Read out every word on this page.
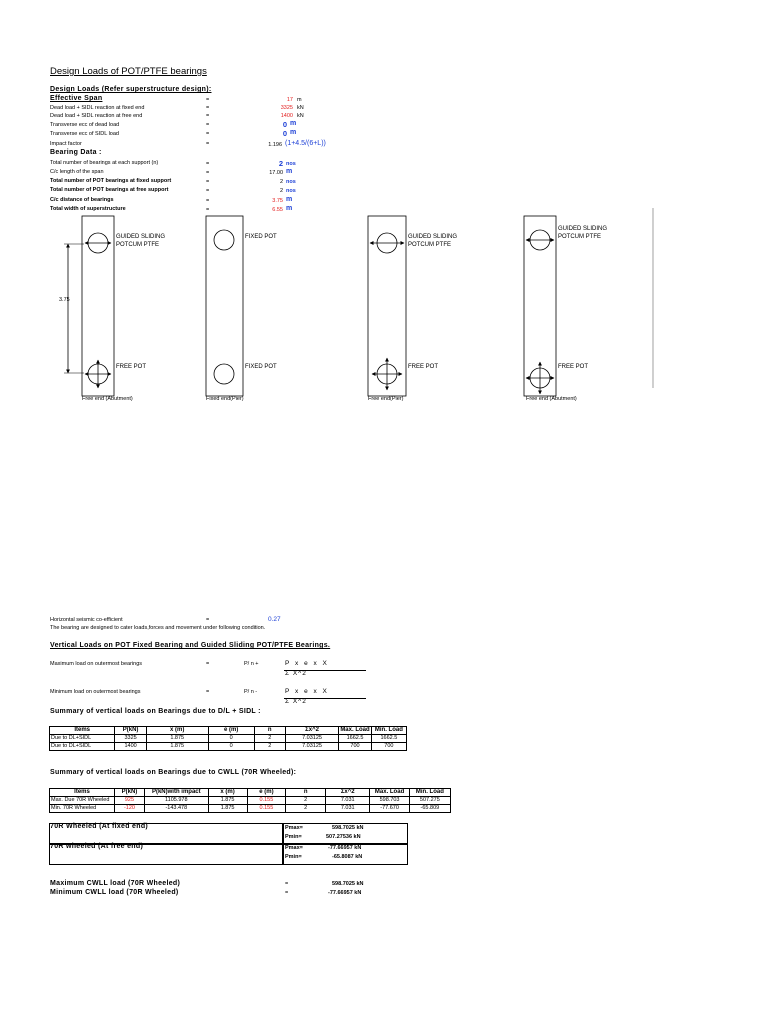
Design Loads of POT/PTFE bearings
Design Loads (Refer superstructure design):
Effective Span	=	17 m
Dead load + SIDL reaction at fixed end	=	3325 kN
Dead load + SIDL reaction at free end	=	1400 kN
Transverse ecc of dead load	=	0 m
Transverse ecc of SIDL load	=	0 m
Impact factor	=	1.196 (1+4.5/(6+L))
Bearing Data :
Total number of bearings at each support (n)	=	2 nos
C/c length of the span	=	17.00 m
Total number of POT bearings at fixed support	=	2 nos
Total number of POT bearings at free support	=	2 nos
C/c distance of bearings	=	3.75 m
Total width of superstructure	=	6.55 m
3.75
GUIDED SLIDING POTCUM PTFE
FREE POT
Free end (Abutment)
FIXED POT
FIXED POT
Fixed end(Pier)
GUIDED SLIDING POTCUM PTFE
FREE POT
Free end(Pier)
GUIDED SLIDING POTCUM PTFE
FREE POT
Free end (Abutment)
Horizontal seismic co-efficient	=	0.27
The bearing are designed to cater loads,forces and movement under following condition.
Vertical Loads on POT Fixed Bearing and Guided Sliding POT/PTFE Bearings.
Maximum load on outermost bearings	=	P/ n +	P x e x X
Σ X^2
Minimum load on outermost bearings	=	P/ n -	P x e x X
Σ X^2
Summary of vertical loads on Bearings due to D/L + SIDL :
Items	P(kN)	x (m)	e (m)	n	Σx^2	Max. Load	Min. Load
Due to DL+SIDL	3325	1.875	0	2	7.03125	1662.5	1662.5
Due to DL+SIDL	1400	1.875	0	2	7.03125	700	700
Summary of vertical loads on Bearings due to CWLL (70R Wheeled):
Items	P(kN)	P(kN)with impact	x (m)	e (m)	n	Σx^2	Max. Load	Min. Load
Max. Due 70R Wheeled	925	1105.978	1.875	0.155	2	7.031	598.703	507.275
Min. 70R Wheeled	-120	-143.478	1.875	0.155	2	7.031	-77.670	-65.809
70R Wheeled (At fixed end)	Pmax=	598.7025 kN
Pmin=	507.27536 kN
70R wheeled (At free end)	Pmax=	-77.66957 kN
Pmin=	-65.8087 kN
Maximum CWLL load (70R Wheeled)	=	598.7025 kN
Minimum CWLL load (70R Wheeled)	=	-77.66957 kN
